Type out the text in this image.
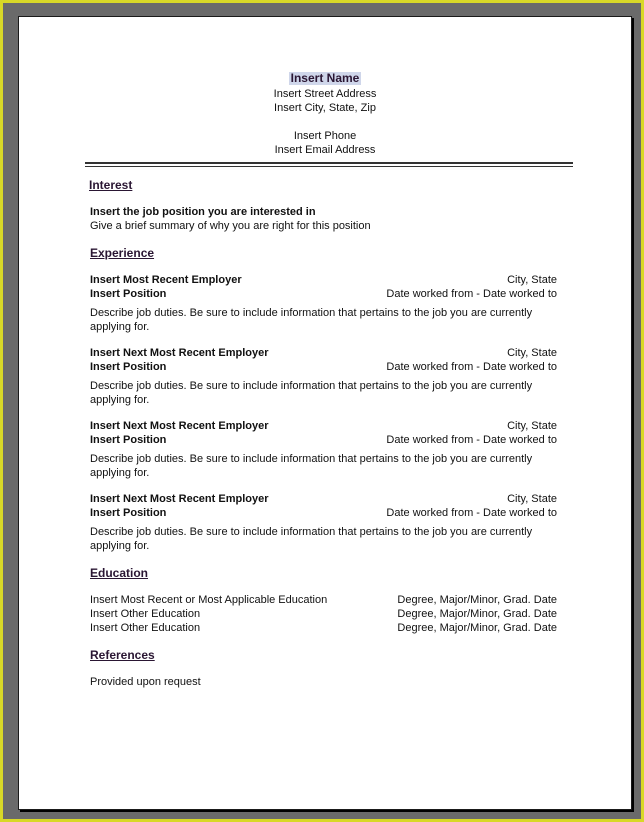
Insert Name
Insert Street Address
Insert City, State, Zip
Insert Phone
Insert Email Address
Interest
Insert the job position you are interested in
Give a brief summary of why you are right for this position
Experience
Insert Most Recent Employer	City, State
Insert Position	Date worked from - Date worked to
Describe job duties. Be sure to include information that pertains to the job you are currently
applying for.
Insert Next Most Recent Employer	City, State
Insert Position	Date worked from - Date worked to
Describe job duties. Be sure to include information that pertains to the job you are currently
applying for.
Insert Next Most Recent Employer	City, State
Insert Position	Date worked from - Date worked to
Describe job duties. Be sure to include information that pertains to the job you are currently
applying for.
Insert Next Most Recent Employer	City, State
Insert Position	Date worked from - Date worked to
Describe job duties. Be sure to include information that pertains to the job you are currently
applying for.
Education
Insert Most Recent or Most Applicable Education	Degree, Major/Minor, Grad. Date
Insert Other Education	Degree, Major/Minor, Grad. Date
Insert Other Education	Degree, Major/Minor, Grad. Date
References
Provided upon request
